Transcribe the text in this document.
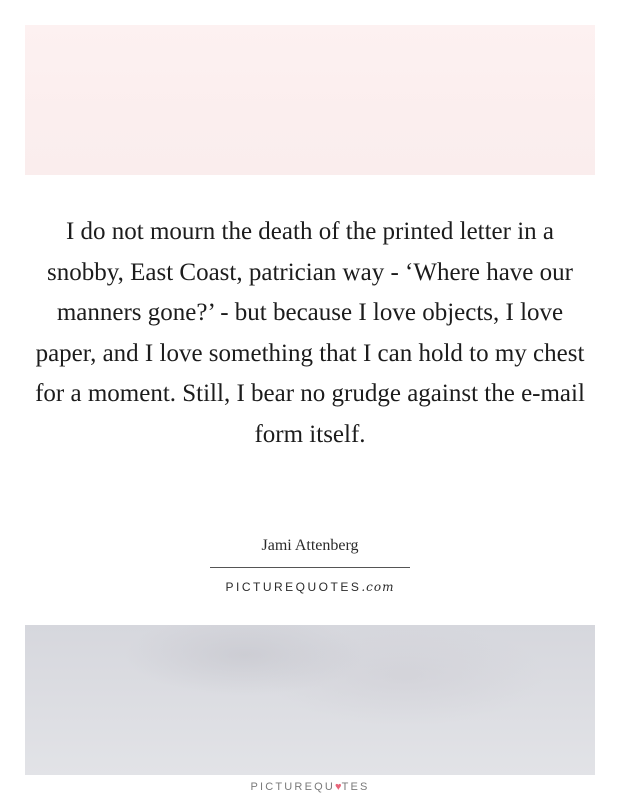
I do not mourn the death of the printed letter in a snobby, East Coast, patrician way - ‘Where have our manners gone?’ - but because I love objects, I love paper, and I love something that I can hold to my chest for a moment. Still, I bear no grudge against the e-mail form itself.

Jami Attenberg
PICTUREQUOTES.com
PICTUREQU♥TES
